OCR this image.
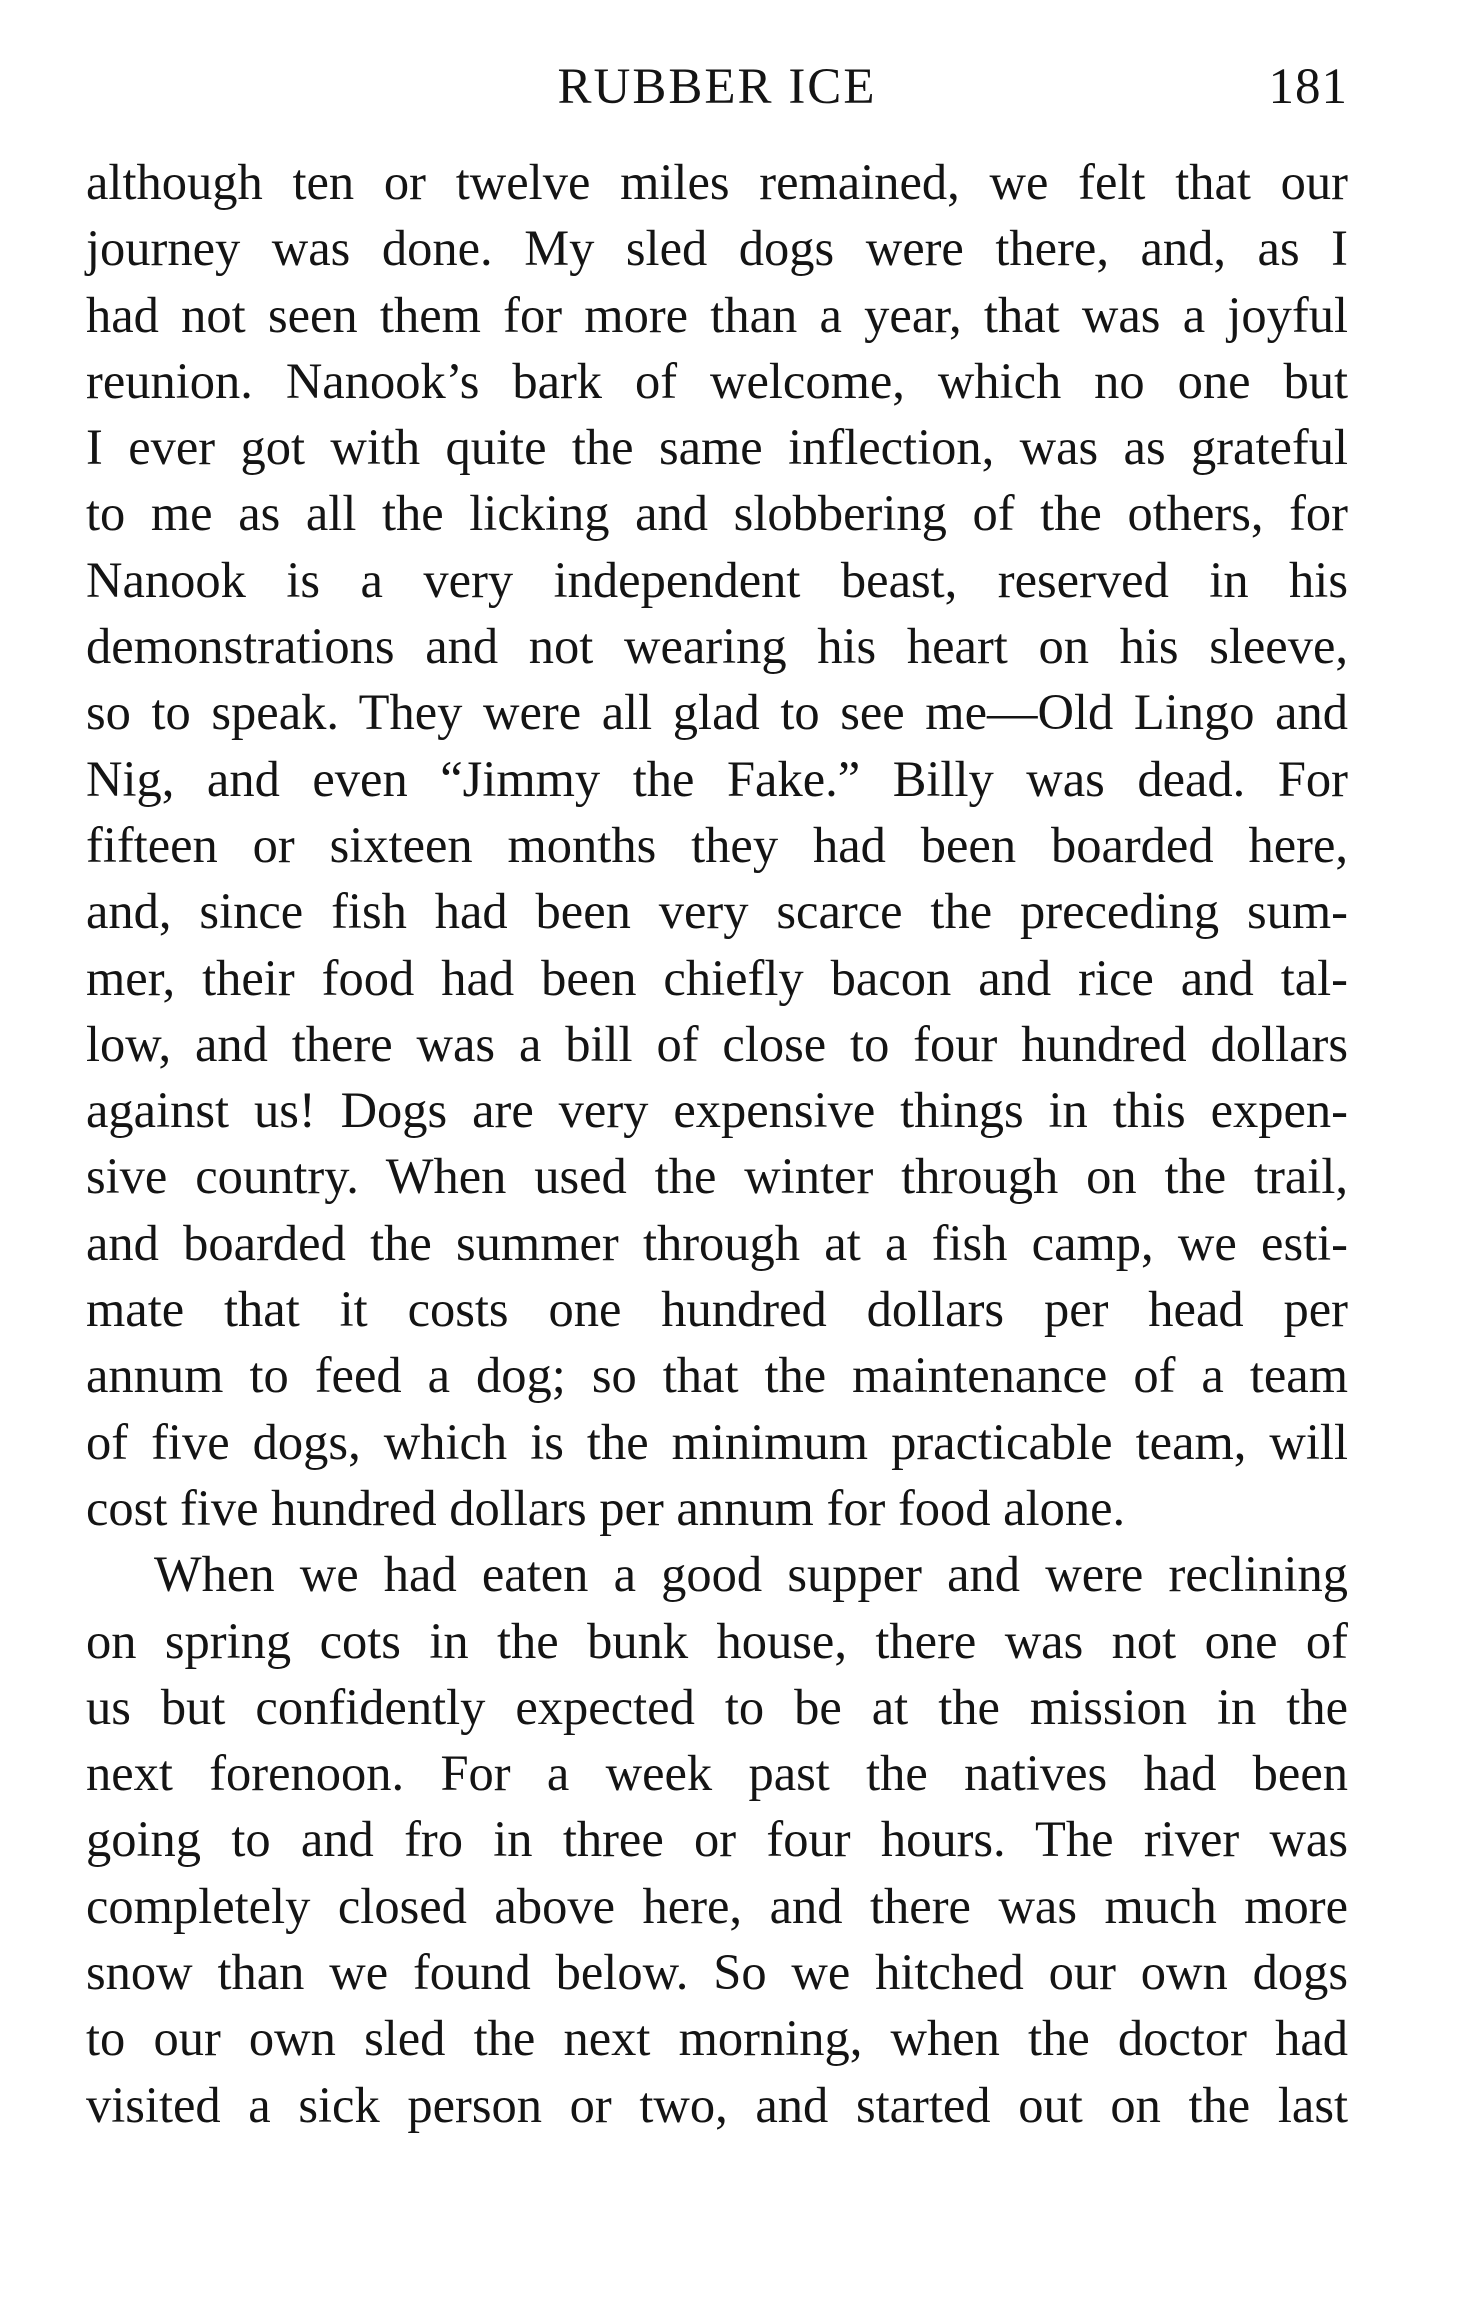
RUBBER ICE	181
although ten or twelve miles remained, we felt that our
journey was done. My sled dogs were there, and, as I
had not seen them for more than a year, that was a joyful
reunion. Nanook’s bark of welcome, which no one but
I ever got with quite the same inflection, was as grateful
to me as all the licking and slobbering of the others, for
Nanook is a very independent beast, reserved in his
demonstrations and not wearing his heart on his sleeve,
so to speak. They were all glad to see me—Old Lingo and
Nig, and even “Jimmy the Fake.” Billy was dead. For
fifteen or sixteen months they had been boarded here,
and, since fish had been very scarce the preceding sum-
mer, their food had been chiefly bacon and rice and tal-
low, and there was a bill of close to four hundred dollars
against us! Dogs are very expensive things in this expen-
sive country. When used the winter through on the trail,
and boarded the summer through at a fish camp, we esti-
mate that it costs one hundred dollars per head per
annum to feed a dog; so that the maintenance of a team
of five dogs, which is the minimum practicable team, will
cost five hundred dollars per annum for food alone.
When we had eaten a good supper and were reclining
on spring cots in the bunk house, there was not one of
us but confidently expected to be at the mission in the
next forenoon. For a week past the natives had been
going to and fro in three or four hours. The river was
completely closed above here, and there was much more
snow than we found below. So we hitched our own dogs
to our own sled the next morning, when the doctor had
visited a sick person or two, and started out on the last
